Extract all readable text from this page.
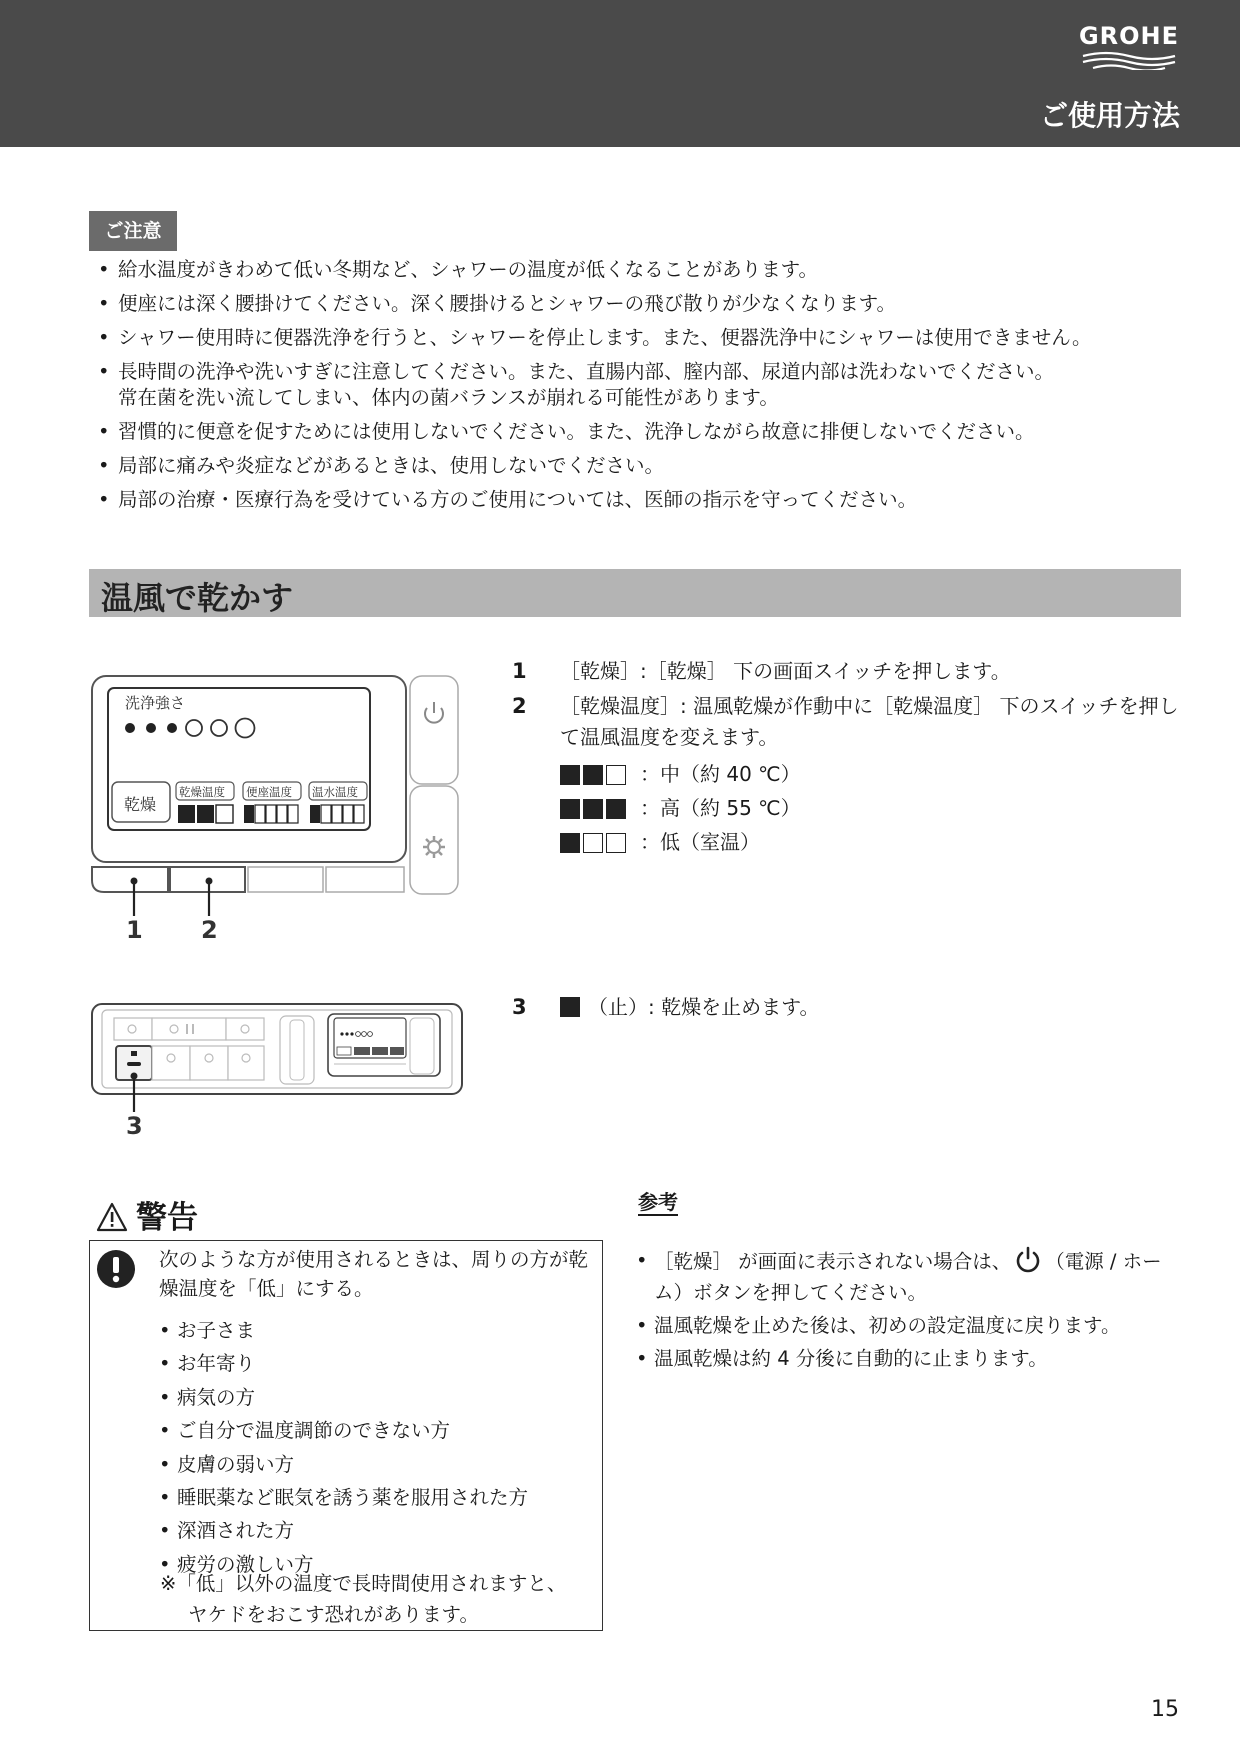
GROHE
ご使用方法
ご注意
• 給水温度がきわめて低い冬期など、シャワーの温度が低くなることがあります。
• 便座には深く腰掛けてください。深く腰掛けるとシャワーの飛び散りが少なくなります。
• シャワー使用時に便器洗浄を行うと、シャワーを停止します。また、便器洗浄中にシャワーは使用できません。
• 長時間の洗浄や洗いすぎに注意してください。また、直腸内部、膣内部、尿道内部は洗わないでください。
常在菌を洗い流してしまい、体内の菌バランスが崩れる可能性があります。
• 習慣的に便意を促すためには使用しないでください。また、洗浄しながら故意に排便しないでください。
• 局部に痛みや炎症などがあるときは、使用しないでください。
• 局部の治療・医療行為を受けている方のご使用については、医師の指示を守ってください。
温風で乾かす
洗浄強さ
乾燥
乾燥温度 便座温度 温水温度
1 2
3
1 ［乾燥］:［乾燥］ 下の画面スイッチを押します。
2 ［乾燥温度］: 温風乾燥が作動中に［乾燥温度］ 下のスイッチを押して温風温度を変えます。
：中（約 40 ℃）
：高（約 55 ℃）
：低（室温）
3	（止）: 乾燥を止めます。
警告
次のような方が使用されるときは、周りの方が乾燥温度を「低」にする。
• お子さま
• お年寄り
• 病気の方
• ご自分で温度調節のできない方
• 皮膚の弱い方
• 睡眠薬など眠気を誘う薬を服用された方
• 深酒された方
• 疲労の激しい方
※「低」以外の温度で長時間使用されますと、
ヤケドをおこす恐れがあります。
参考
• ［乾燥］ が画面に表示されない場合は、 （電源 / ホーム）ボタンを押してください。
• 温風乾燥を止めた後は、初めの設定温度に戻ります。
• 温風乾燥は約 4 分後に自動的に止まります。
15
